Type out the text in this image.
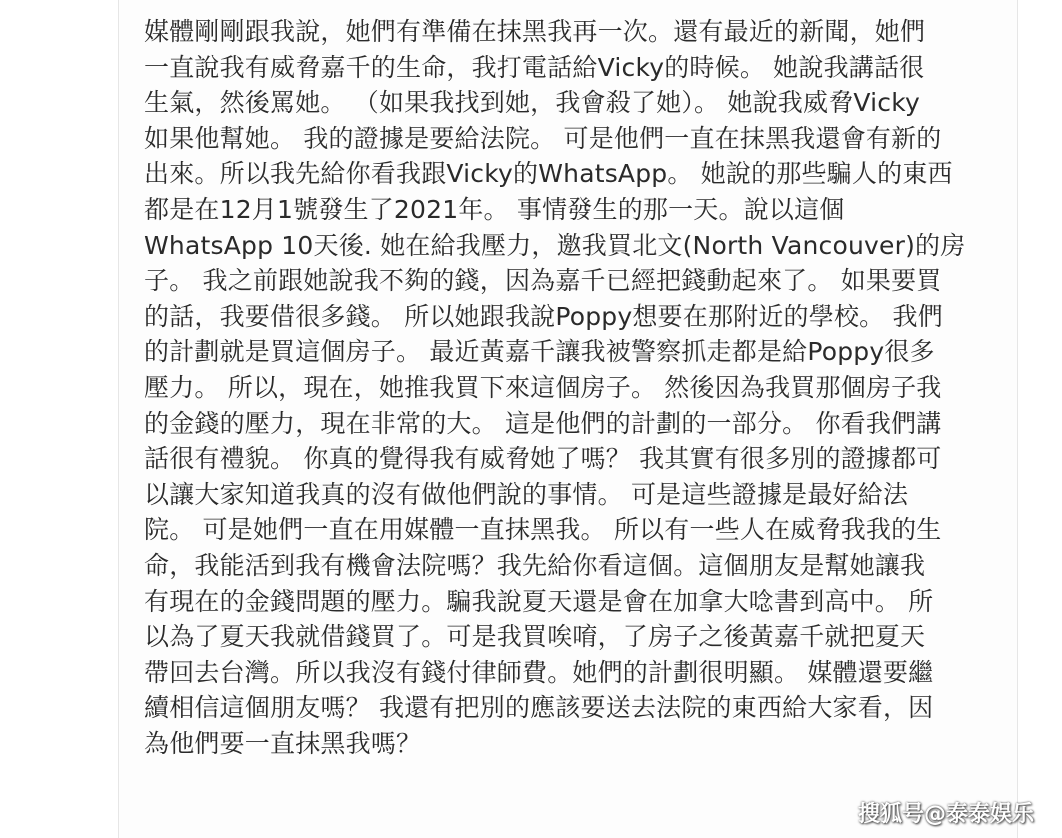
媒體剛剛跟我說，她們有準備在抹黑我再一次。還有最近的新聞，她們
一直說我有威脅嘉千的生命，我打電話給Vicky的時候。 她說我講話很
生氣，然後罵她。 （如果我找到她，我會殺了她）。 她說我威脅Vicky
如果他幫她。 我的證據是要給法院。 可是他們一直在抹黑我還會有新的
出來。所以我先給你看我跟Vicky的WhatsApp。 她說的那些騙人的東西
都是在12月1號發生了2021年。 事情發生的那一天。說以這個
WhatsApp 10天後. 她在給我壓力，邀我買北文(North Vancouver)的房
子。 我之前跟她說我不夠的錢，因為嘉千已經把錢動起來了。 如果要買
的話，我要借很多錢。 所以她跟我說Poppy想要在那附近的學校。 我們
的計劃就是買這個房子。 最近黃嘉千讓我被警察抓走都是給Poppy很多
壓力。 所以，現在，她推我買下來這個房子。 然後因為我買那個房子我
的金錢的壓力，現在非常的大。 這是他們的計劃的一部分。 你看我們講
話很有禮貌。 你真的覺得我有威脅她了嗎？ 我其實有很多別的證據都可
以讓大家知道我真的沒有做他們說的事情。 可是這些證據是最好給法
院。 可是她們一直在用媒體一直抹黑我。 所以有一些人在威脅我我的生
命，我能活到我有機會法院嗎？我先給你看這個。這個朋友是幫她讓我
有現在的金錢問題的壓力。騙我說夏天還是會在加拿大唸書到高中。 所
以為了夏天我就借錢買了。可是我買唉唷，了房子之後黃嘉千就把夏天
帶回去台灣。所以我沒有錢付律師費。她們的計劃很明顯。 媒體還要繼
續相信這個朋友嗎？ 我還有把別的應該要送去法院的東西給大家看，因
為他們要一直抹黑我嗎？

搜狐号@泰泰娱乐
